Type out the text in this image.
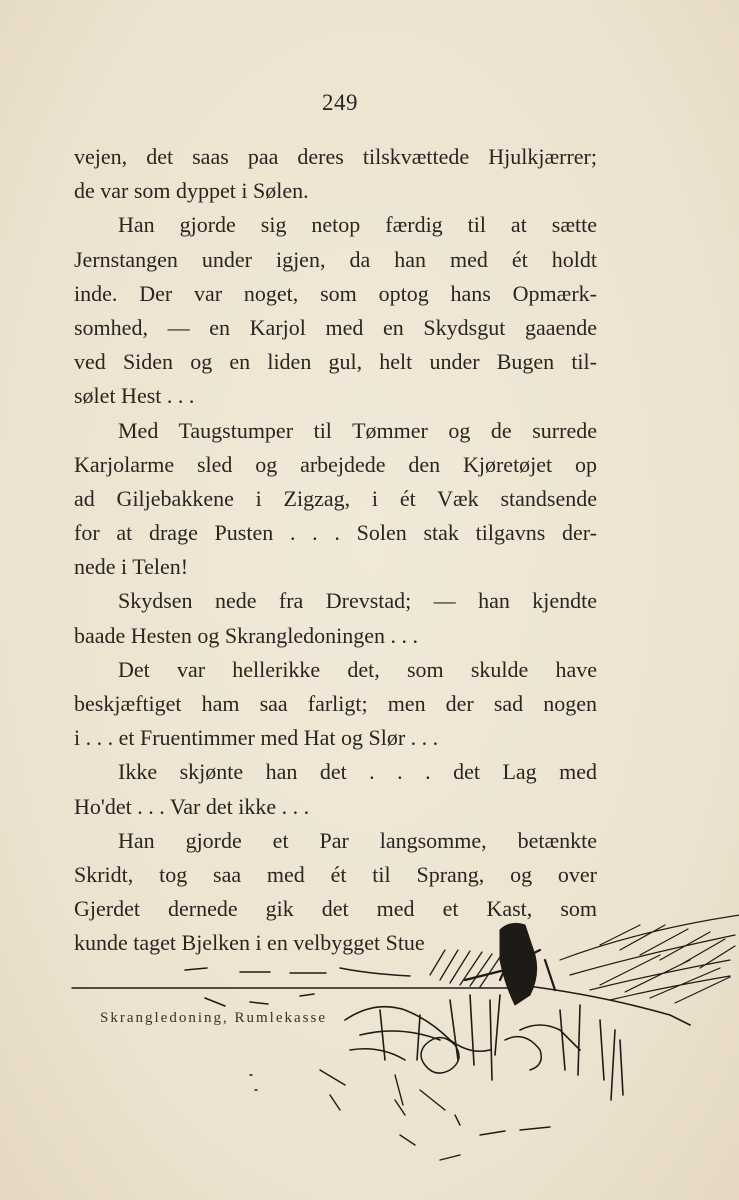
249
vejen, det saas paa deres tilskvættede Hjulkjærrer;
de var som dyppet i Sølen.
Han gjorde sig netop færdig til at sætte
Jernstangen under igjen, da han med ét holdt
inde. Der var noget, som optog hans Opmærk-
somhed, — en Karjol med en Skydsgut gaaende
ved Siden og en liden gul, helt under Bugen til-
sølet Hest . . .
Med Taugstumper til Tømmer og de surrede
Karjolarme sled og arbejdede den Kjøretøjet op
ad Giljebakkene i Zigzag, i ét Væk standsende
for at drage Pusten . . . Solen stak tilgavns der-
nede i Telen!
Skydsen nede fra Drevstad; — han kjendte
baade Hesten og Skrangledoningen . . .
Det var hellerikke det, som skulde have
beskjæftiget ham saa farligt; men der sad nogen
i . . . et Fruentimmer med Hat og Slør . . .
Ikke skjønte han det . . . det Lag med
Ho'det . . . Var det ikke . . .
Han gjorde et Par langsomme, betænkte
Skridt, tog saa med ét til Sprang, og over
Gjerdet dernede gik det med et Kast, som
kunde taget Bjelken i en velbygget Stue
Skrangledoning, Rumlekasse
